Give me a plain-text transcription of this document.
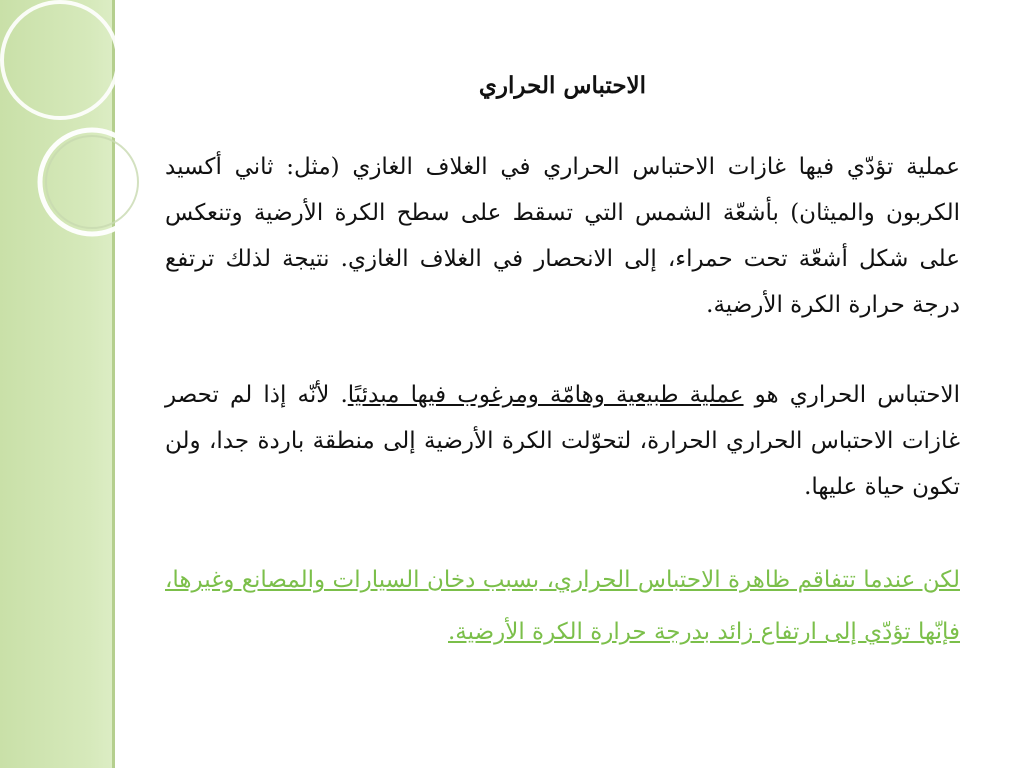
الاحتباس الحراري

عملية تؤدّي فيها غازات الاحتباس الحراري في الغلاف الغازي (مثل: ثاني أكسيد الكربون والميثان) بأشعّة الشمس التي تسقط على سطح الكرة الأرضية وتنعكس على شكل أشعّة تحت حمراء، إلى الانحصار في الغلاف الغازي. نتيجة لذلك ترتفع درجة حرارة الكرة الأرضية.

الاحتباس الحراري هو عملية طبيعية وهامّة ومرغوب فيها مبدئيًا. لأنّه إذا لم تحصر غازات الاحتباس الحراري الحرارة، لتحوّلت الكرة الأرضية إلى منطقة باردة جدا، ولن تكون حياة عليها.

لكن عندما تتفاقم ظاهرة الاحتباس الحراري، بسبب دخان السيارات والمصانع وغيرها، فإنّها تؤدّي إلى ارتفاع زائد بدرجة حرارة الكرة الأرضية.
